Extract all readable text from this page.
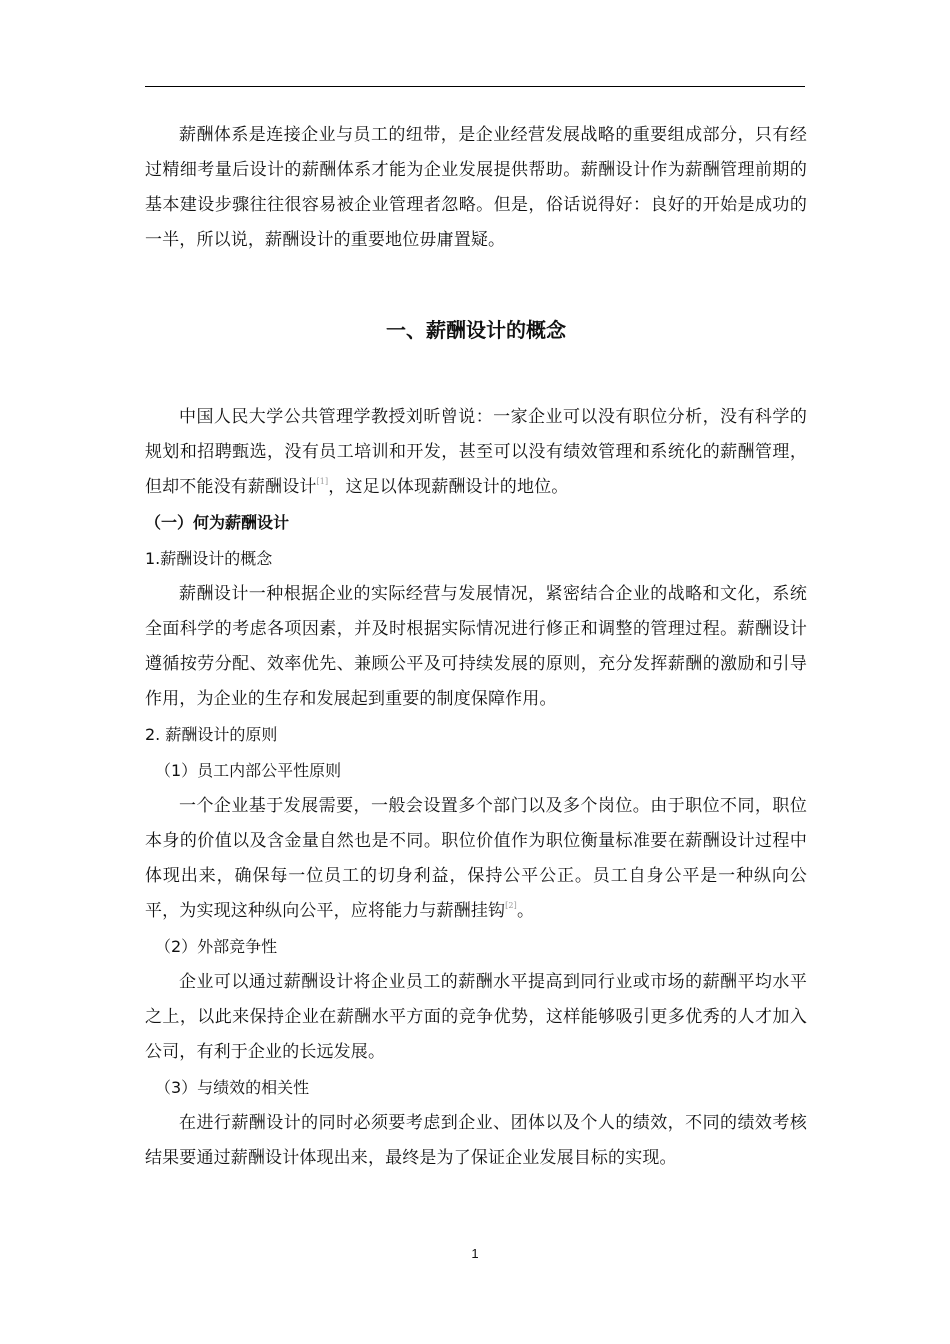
薪酬体系是连接企业与员工的纽带，是企业经营发展战略的重要组成部分，只有经过精细考量后设计的薪酬体系才能为企业发展提供帮助。薪酬设计作为薪酬管理前期的基本建设步骤往往很容易被企业管理者忽略。但是，俗话说得好：良好的开始是成功的一半，所以说，薪酬设计的重要地位毋庸置疑。

一、薪酬设计的概念

中国人民大学公共管理学教授刘昕曾说：一家企业可以没有职位分析，没有科学的规划和招聘甄选，没有员工培训和开发，甚至可以没有绩效管理和系统化的薪酬管理，但却不能没有薪酬设计[1]，这足以体现薪酬设计的地位。

（一）何为薪酬设计
1.薪酬设计的概念

薪酬设计一种根据企业的实际经营与发展情况，紧密结合企业的战略和文化，系统全面科学的考虑各项因素，并及时根据实际情况进行修正和调整的管理过程。薪酬设计遵循按劳分配、效率优先、兼顾公平及可持续发展的原则，充分发挥薪酬的激励和引导作用，为企业的生存和发展起到重要的制度保障作用。

2. 薪酬设计的原则
（1）员工内部公平性原则

一个企业基于发展需要，一般会设置多个部门以及多个岗位。由于职位不同，职位本身的价值以及含金量自然也是不同。职位价值作为职位衡量标准要在薪酬设计过程中体现出来，确保每一位员工的切身利益，保持公平公正。员工自身公平是一种纵向公平，为实现这种纵向公平，应将能力与薪酬挂钩[2]。

（2）外部竞争性

企业可以通过薪酬设计将企业员工的薪酬水平提高到同行业或市场的薪酬平均水平之上，以此来保持企业在薪酬水平方面的竞争优势，这样能够吸引更多优秀的人才加入公司，有利于企业的长远发展。

（3）与绩效的相关性

在进行薪酬设计的同时必须要考虑到企业、团体以及个人的绩效，不同的绩效考核结果要通过薪酬设计体现出来，最终是为了保证企业发展目标的实现。

1
